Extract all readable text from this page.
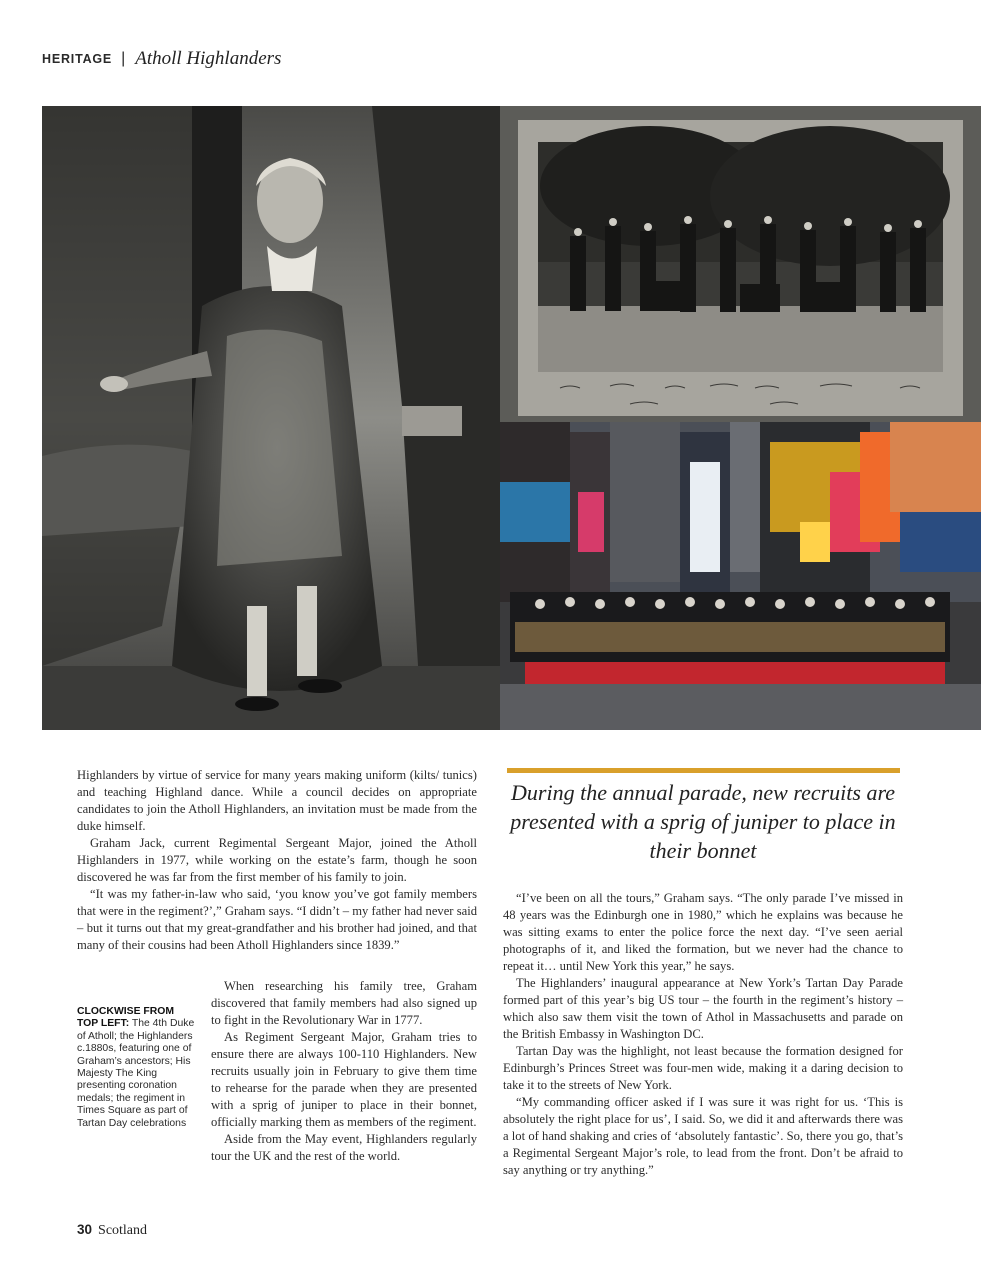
HERITAGE | Atholl Highlanders

Highlanders by virtue of service for many years making uniform (kilts/ tunics) and teaching Highland dance. While a council decides on appropriate candidates to join the Atholl Highlanders, an invitation must be made from the duke himself.

Graham Jack, current Regimental Sergeant Major, joined the Atholl Highlanders in 1977, while working on the estate’s farm, though he soon discovered he was far from the first member of his family to join.

“It was my father-in-law who said, ‘you know you’ve got family members that were in the regiment?’,” Graham says. “I didn’t – my father had never said – but it turns out that my great-grandfather and his brother had joined, and that many of their cousins had been Atholl Highlanders since 1839.”

CLOCKWISE FROM TOP LEFT: The 4th Duke of Atholl; the Highlanders c.1880s, featuring one of Graham’s ancestors; His Majesty The King presenting coronation medals; the regiment in Times Square as part of Tartan Day celebrations

When researching his family tree, Graham discovered that family members had also signed up to fight in the Revolutionary War in 1777.

As Regiment Sergeant Major, Graham tries to ensure there are always 100-110 Highlanders. New recruits usually join in February to give them time to rehearse for the parade when they are presented with a sprig of juniper to place in their bonnet, officially marking them as members of the regiment.

Aside from the May event, Highlanders regularly tour the UK and the rest of the world.

During the annual parade, new recruits are presented with a sprig of juniper to place in their bonnet

“I’ve been on all the tours,” Graham says. “The only parade I’ve missed in 48 years was the Edinburgh one in 1980,” which he explains was because he was sitting exams to enter the police force the next day. “I’ve seen aerial photographs of it, and liked the formation, but we never had the chance to repeat it… until New York this year,” he says.

The Highlanders’ inaugural appearance at New York’s Tartan Day Parade formed part of this year’s big US tour – the fourth in the regiment’s history – which also saw them visit the town of Athol in Massachusetts and parade on the British Embassy in Washington DC.

Tartan Day was the highlight, not least because the formation designed for Edinburgh’s Princes Street was four-men wide, making it a daring decision to take it to the streets of New York.

“My commanding officer asked if I was sure it was right for us. ‘This is absolutely the right place for us’, I said. So, we did it and afterwards there was a lot of hand shaking and cries of ‘absolutely fantastic’. So, there you go, that’s a Regimental Sergeant Major’s role, to lead from the front. Don’t be afraid to say anything or try anything.”

30 Scotland
